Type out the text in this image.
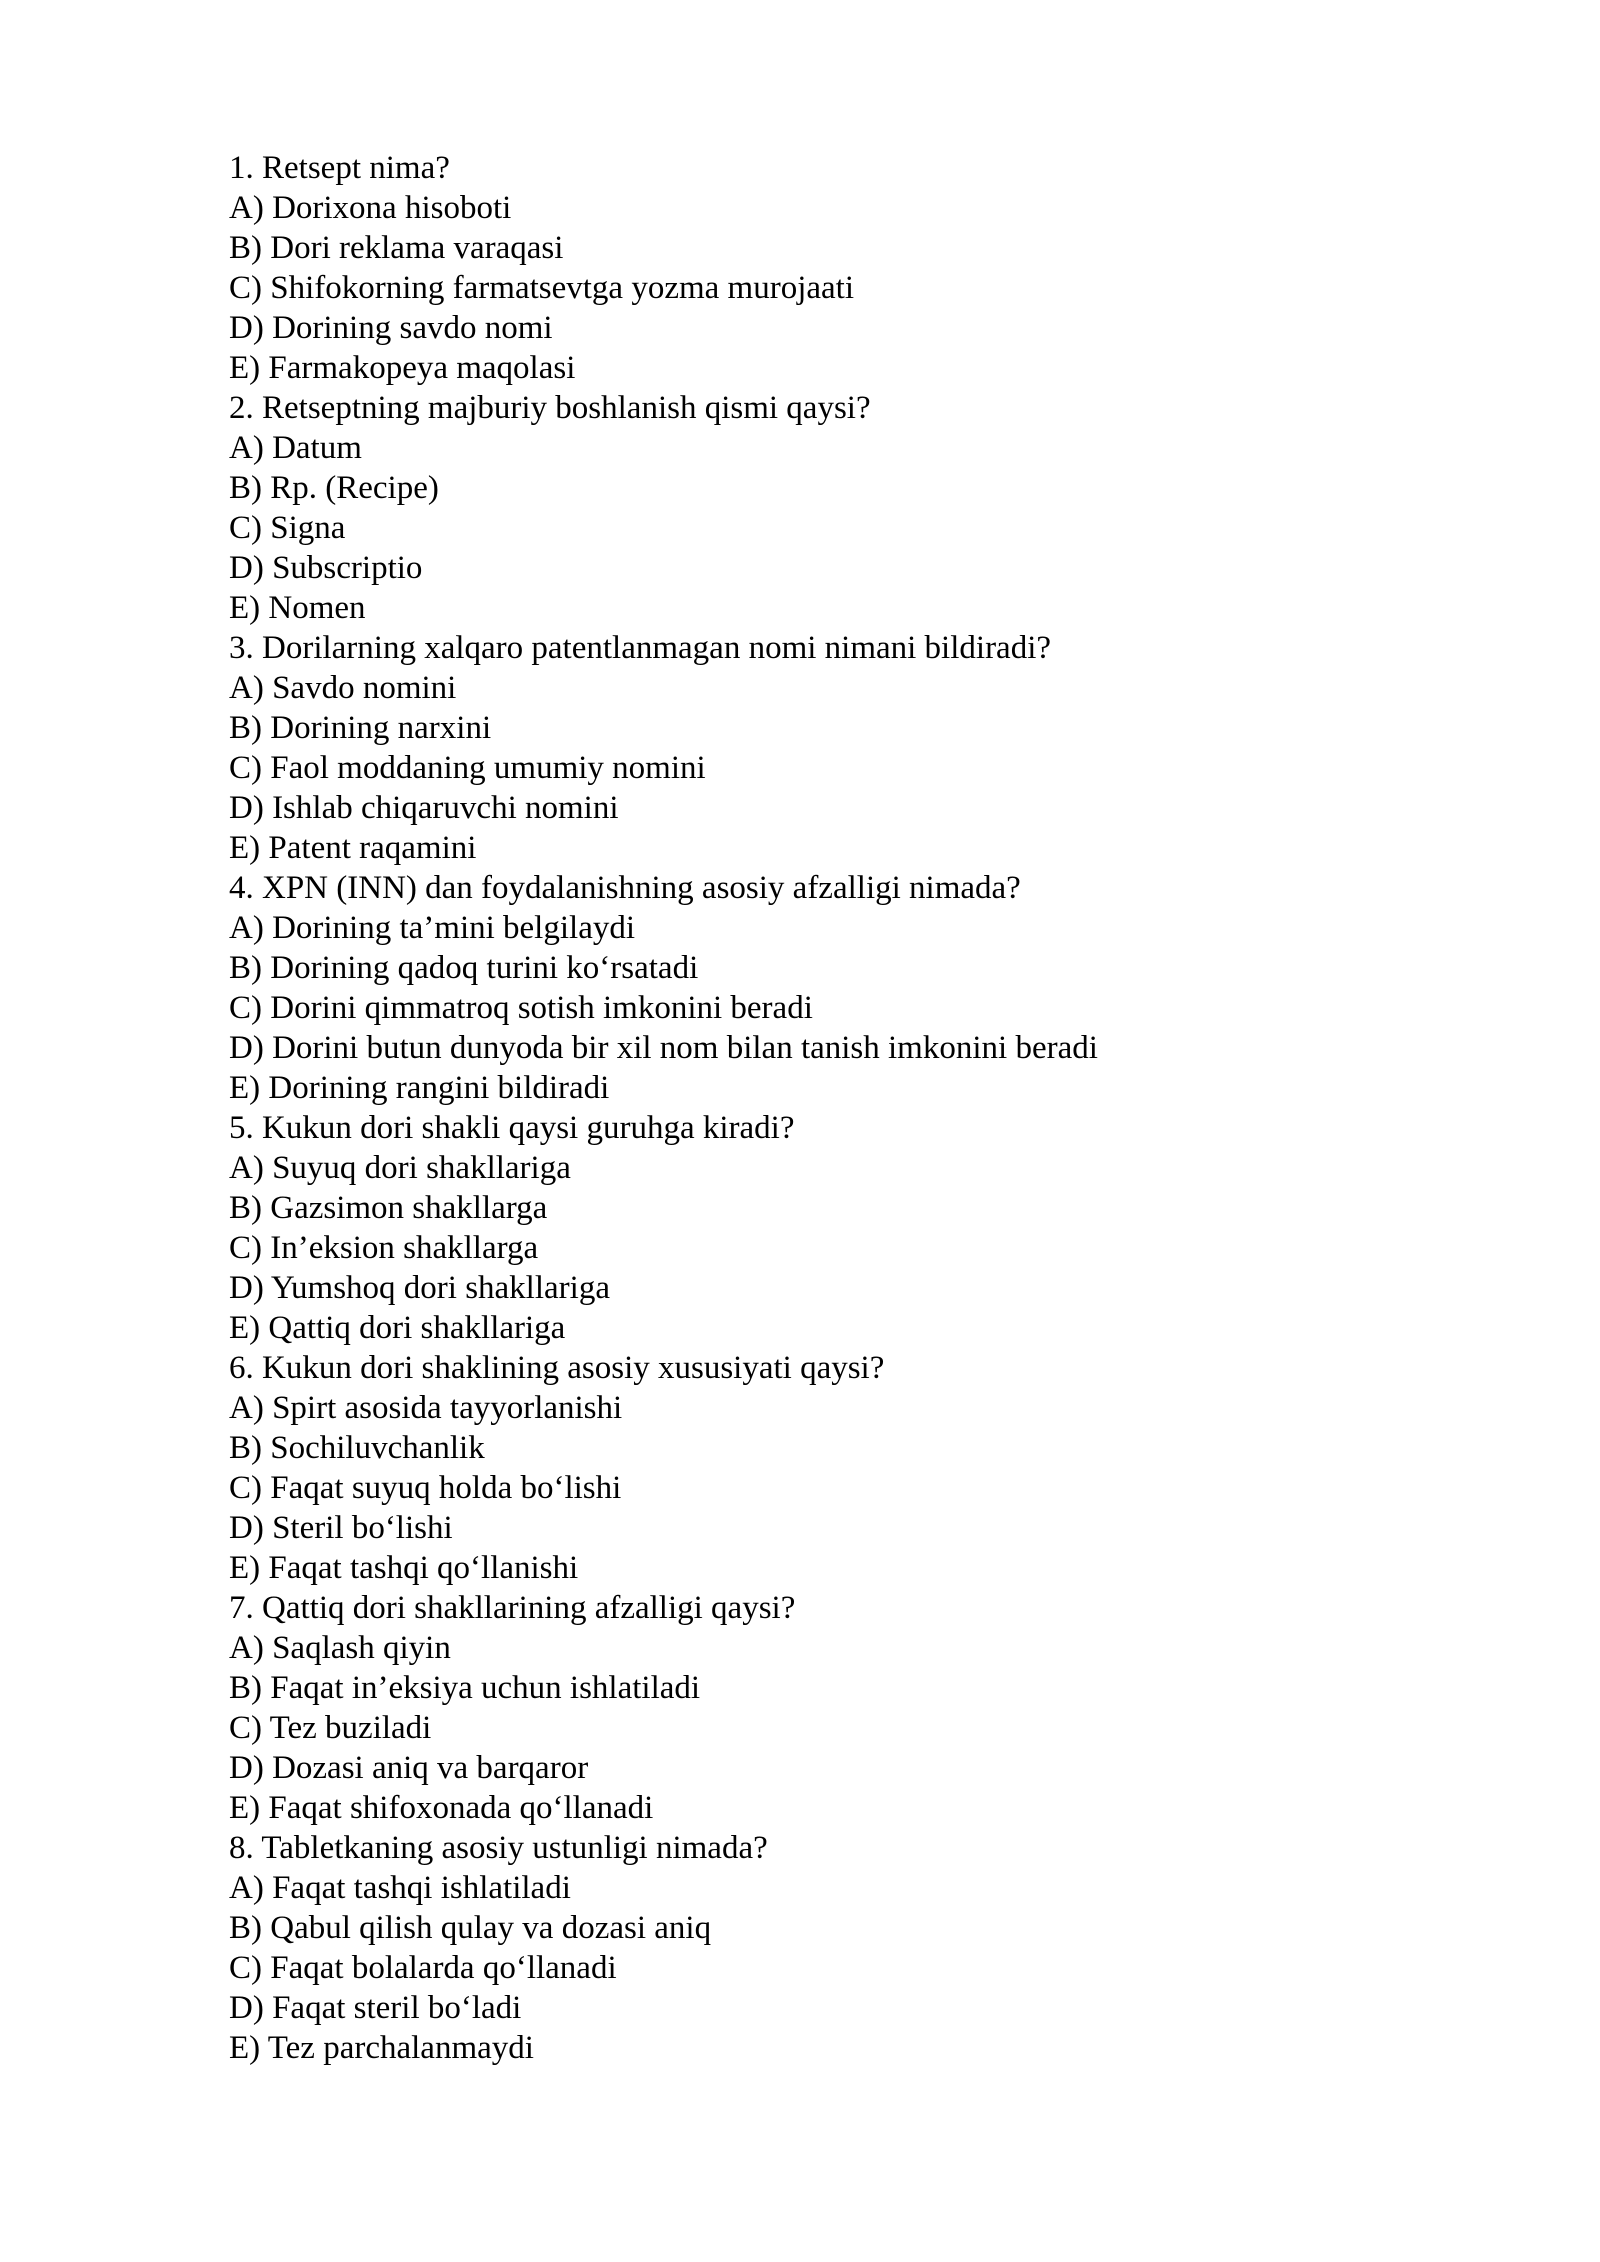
1. Retsept nima?
A) Dorixona hisoboti
B) Dori reklama varaqasi
C) Shifokorning farmatsevtga yozma murojaati
D) Dorining savdo nomi
E) Farmakopeya maqolasi
2. Retseptning majburiy boshlanish qismi qaysi?
A) Datum
B) Rp. (Recipe)
C) Signa
D) Subscriptio
E) Nomen
3. Dorilarning xalqaro patentlanmagan nomi nimani bildiradi?
A) Savdo nomini
B) Dorining narxini
C) Faol moddaning umumiy nomini
D) Ishlab chiqaruvchi nomini
E) Patent raqamini
4. XPN (INN) dan foydalanishning asosiy afzalligi nimada?
A) Dorining ta’mini belgilaydi
B) Dorining qadoq turini ko‘rsatadi
C) Dorini qimmatroq sotish imkonini beradi
D) Dorini butun dunyoda bir xil nom bilan tanish imkonini beradi
E) Dorining rangini bildiradi
5. Kukun dori shakli qaysi guruhga kiradi?
A) Suyuq dori shakllariga
B) Gazsimon shakllarga
C) In’eksion shakllarga
D) Yumshoq dori shakllariga
E) Qattiq dori shakllariga
6. Kukun dori shaklining asosiy xususiyati qaysi?
A) Spirt asosida tayyorlanishi
B) Sochiluvchanlik
C) Faqat suyuq holda bo‘lishi
D) Steril bo‘lishi
E) Faqat tashqi qo‘llanishi
7. Qattiq dori shakllarining afzalligi qaysi?
A) Saqlash qiyin
B) Faqat in’eksiya uchun ishlatiladi
C) Tez buziladi
D) Dozasi aniq va barqaror
E) Faqat shifoxonada qo‘llanadi
8. Tabletkaning asosiy ustunligi nimada?
A) Faqat tashqi ishlatiladi
B) Qabul qilish qulay va dozasi aniq
C) Faqat bolalarda qo‘llanadi
D) Faqat steril bo‘ladi
E) Tez parchalanmaydi
